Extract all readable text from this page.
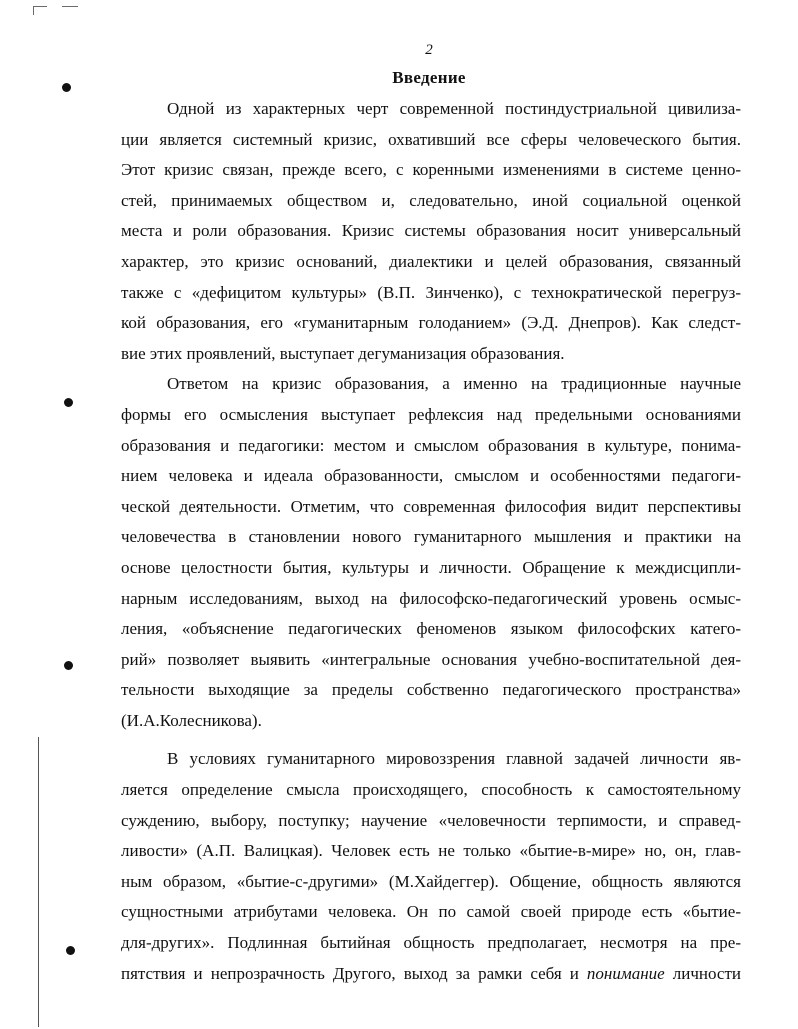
2
Введение
Одной из характерных черт современной постиндустриальной цивилиза-
ции является системный кризис, охвативший все сферы человеческого бытия.
Этот кризис связан, прежде всего, с коренными изменениями в системе ценно-
стей, принимаемых обществом и, следовательно, иной социальной оценкой
места и роли образования. Кризис системы образования носит универсальный
характер, это кризис оснований, диалектики и целей образования, связанный
также с «дефицитом культуры» (В.П. Зинченко), с технократической перегруз-
кой образования, его «гуманитарным голоданием» (Э.Д. Днепров). Как следст-
вие этих проявлений, выступает дегуманизация образования.
Ответом на кризис образования, а именно на традиционные научные
формы его осмысления выступает рефлексия над предельными основаниями
образования и педагогики: местом и смыслом образования в культуре, понима-
нием человека и идеала образованности, смыслом и особенностями педагоги-
ческой деятельности. Отметим, что современная философия видит перспективы
человечества в становлении нового гуманитарного мышления и практики на
основе целостности бытия, культуры и личности. Обращение к междисципли-
нарным исследованиям, выход на философско-педагогический уровень осмыс-
ления, «объяснение педагогических феноменов языком философских катего-
рий» позволяет выявить «интегральные основания учебно-воспитательной дея-
тельности выходящие за пределы собственно педагогического пространства»
(И.А.Колесникова).
В условиях гуманитарного мировоззрения главной задачей личности яв-
ляется определение смысла происходящего, способность к самостоятельному
суждению, выбору, поступку; научение «человечности терпимости, и справед-
ливости» (А.П. Валицкая). Человек есть не только «бытие-в-мире» но, он, глав-
ным образом, «бытие-с-другими» (М.Хайдеггер). Общение, общность являются
сущностными атрибутами человека. Он по самой своей природе есть «бытие-
для-других». Подлинная бытийная общность предполагает, несмотря на пре-
пятствия и непрозрачность Другого, выход за рамки себя и понимание личности
